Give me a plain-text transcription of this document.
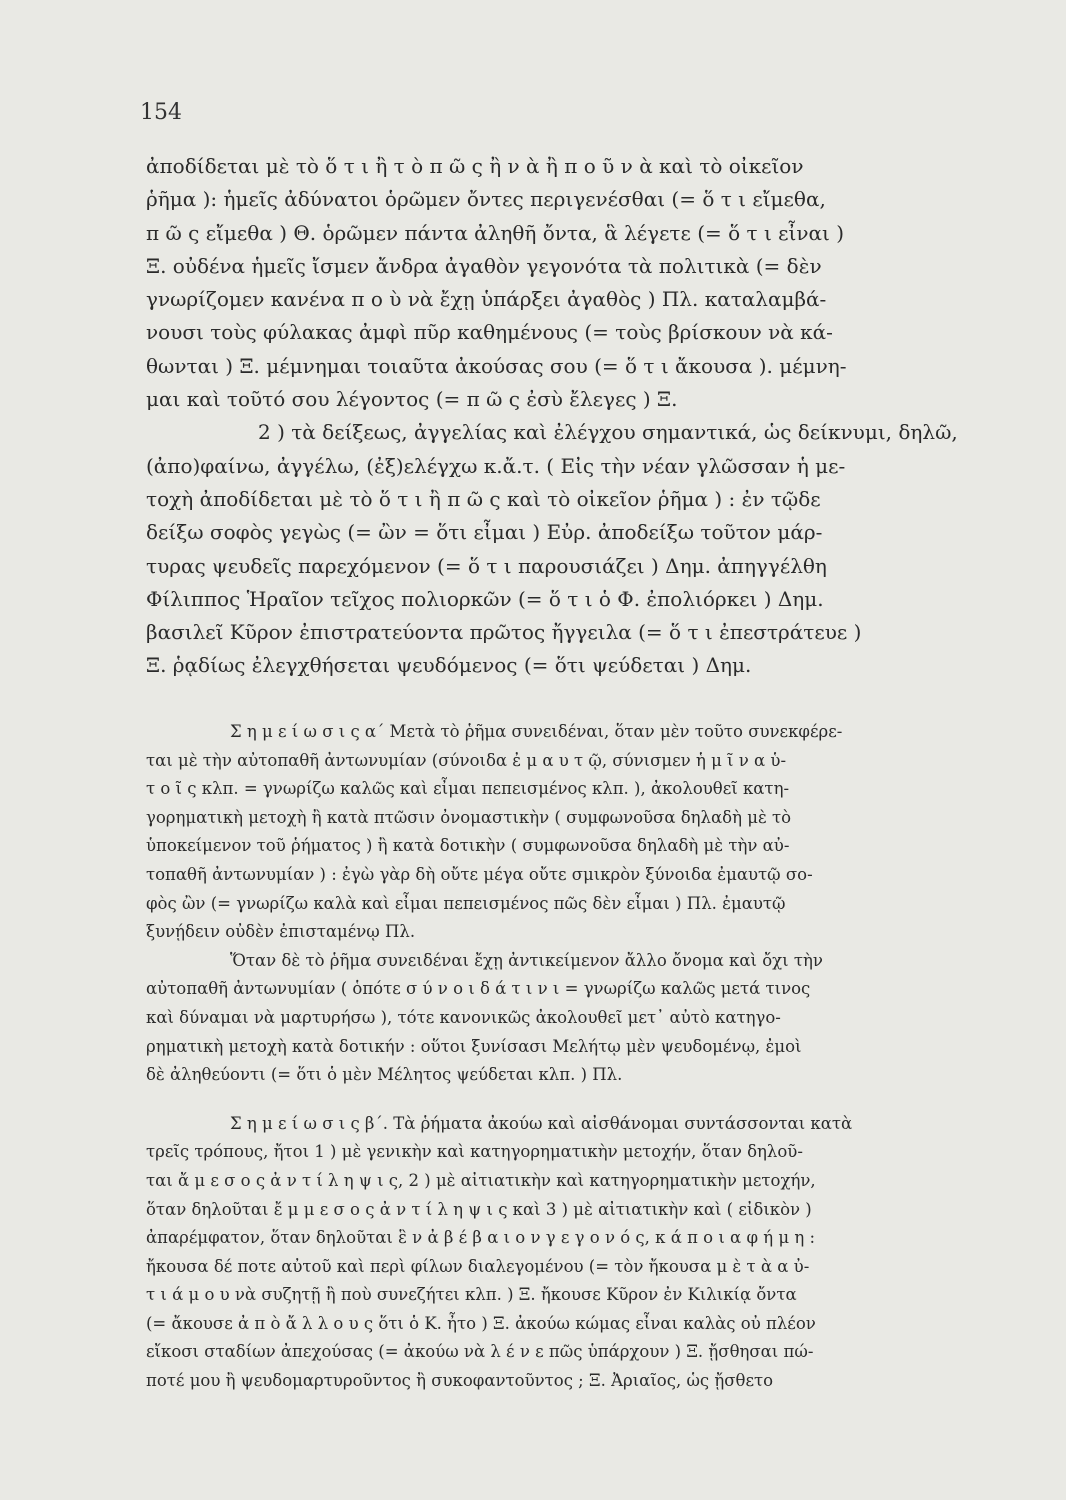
154
ἀποδίδεται μὲ τὸ ὅ τ ι ἢ τ ὸ π ῶ ς ἢ ν ὰ ἢ π ο ῦ ν ὰ καὶ τὸ οἰκεῖον
ῥῆμα ): ἡμεῖς ἀδύνατοι ὁρῶμεν ὄντες περιγενέσθαι (= ὅ τ ι εἴμεθα,
π ῶ ς εἴμεθα ) Θ. ὁρῶμεν πάντα ἀληθῆ ὄντα, ἃ λέγετε (= ὅ τ ι εἶναι )
Ξ. οὐδένα ἡμεῖς ἴσμεν ἄνδρα ἀγαθὸν γεγονότα τὰ πολιτικὰ (= δὲν
γνωρίζομεν κανένα π ο ὺ νὰ ἔχῃ ὑπάρξει ἀγαθὸς ) Πλ. καταλαμβά-
νουσι τοὺς φύλακας ἀμφὶ πῦρ καθημένους (= τοὺς βρίσκουν νὰ κά-
θωνται ) Ξ. μέμνημαι τοιαῦτα ἀκούσας σου (= ὅ τ ι ἄκουσα ). μέμνη-
μαι καὶ τοῦτό σου λέγοντος (= π ῶ ς ἐσὺ ἔλεγες ) Ξ.
2 ) τὰ δείξεως, ἀγγελίας καὶ ἐλέγχου σημαντικά, ὡς δείκνυμι, δηλῶ,
(ἀπο)φαίνω, ἀγγέλω, (ἐξ)ελέγχω κ.ἄ.τ. ( Εἰς τὴν νέαν γλῶσσαν ἡ με-
τοχὴ ἀποδίδεται μὲ τὸ ὅ τ ι ἢ π ῶ ς καὶ τὸ οἰκεῖον ῥῆμα ) : ἐν τῷδε
δείξω σοφὸς γεγὼς (= ὢν = ὅτι εἶμαι ) Εὐρ. ἀποδείξω τοῦτον μάρ-
τυρας ψευδεῖς παρεχόμενον (= ὅ τ ι παρουσιάζει ) Δημ. ἀπηγγέλθη
Φίλιππος Ἡραῖον τεῖχος πολιορκῶν (= ὅ τ ι ὁ Φ. ἐπολιόρκει ) Δημ.
βασιλεῖ Κῦρον ἐπιστρατεύοντα πρῶτος ἤγγειλα (= ὅ τ ι ἐπεστράτευε )
Ξ. ῥᾳδίως ἐλεγχθήσεται ψευδόμενος (= ὅτι ψεύδεται ) Δημ.
Σ η μ ε ί ω σ ι ς α΄ Μετὰ τὸ ῥῆμα συνειδέναι, ὅταν μὲν τοῦτο συνεκφέρε-
ται μὲ τὴν αὐτοπαθῆ ἀντωνυμίαν (σύνοιδα ἐ μ α υ τ ῷ, σύνισμεν ἡ μ ῖ ν α ὑ-
τ ο ῖ ς κλπ. = γνωρίζω καλῶς καὶ εἶμαι πεπεισμένος κλπ. ), ἀκολουθεῖ κατη-
γορηματικὴ μετοχὴ ἢ κατὰ πτῶσιν ὀνομαστικὴν ( συμφωνοῦσα δηλαδὴ μὲ τὸ
ὑποκείμενον τοῦ ῥήματος ) ἢ κατὰ δοτικὴν ( συμφωνοῦσα δηλαδὴ μὲ τὴν αὐ-
τοπαθῆ ἀντωνυμίαν ) : ἐγὼ γὰρ δὴ οὔτε μέγα οὔτε σμικρὸν ξύνοιδα ἐμαυτῷ σο-
φὸς ὢν (= γνωρίζω καλὰ καὶ εἶμαι πεπεισμένος πῶς δὲν εἶμαι ) Πλ. ἐμαυτῷ
ξυνῄδειν οὐδὲν ἐπισταμένῳ Πλ.
Ὅταν δὲ τὸ ῥῆμα συνειδέναι ἔχῃ ἀντικείμενον ἄλλο ὄνομα καὶ ὄχι τὴν
αὐτοπαθῆ ἀντωνυμίαν ( ὁπότε σ ύ ν ο ι δ ά τ ι ν ι = γνωρίζω καλῶς μετά τινος
καὶ δύναμαι νὰ μαρτυρήσω ), τότε κανονικῶς ἀκολουθεῖ μετ᾽ αὐτὸ κατηγο-
ρηματικὴ μετοχὴ κατὰ δοτικήν : οὕτοι ξυνίσασι Μελήτῳ μὲν ψευδομένῳ, ἐμοὶ
δὲ ἀληθεύοντι (= ὅτι ὁ μὲν Μέλητος ψεύδεται κλπ. ) Πλ.
Σ η μ ε ί ω σ ι ς β΄. Τὰ ῥήματα ἀκούω καὶ αἰσθάνομαι συντάσσονται κατὰ
τρεῖς τρόπους, ἤτοι 1 ) μὲ γενικὴν καὶ κατηγορηματικὴν μετοχήν, ὅταν δηλοῦ-
ται ἄ μ ε σ ο ς ἀ ν τ ί λ η ψ ι ς, 2 ) μὲ αἰτιατικὴν καὶ κατηγορηματικὴν μετοχήν,
ὅταν δηλοῦται ἔ μ μ ε σ ο ς ἀ ν τ ί λ η ψ ι ς καὶ 3 ) μὲ αἰτιατικὴν καὶ ( εἰδικὸν )
ἀπαρέμφατον, ὅταν δηλοῦται ἓ ν ἀ β έ β α ι ο ν γ ε γ ο ν ό ς, κ ά π ο ι α φ ή μ η :
ἤκουσα δέ ποτε αὐτοῦ καὶ περὶ φίλων διαλεγομένου (= τὸν ἤκουσα μ ὲ τ ὰ α ὐ-
τ ι ά μ ο υ νὰ συζητῇ ἢ ποὺ συνεζήτει κλπ. ) Ξ. ἤκουσε Κῦρον ἐν Κιλικίᾳ ὄντα
(= ἄκουσε ἀ π ὸ ἄ λ λ ο υ ς ὅτι ὁ Κ. ἦτο ) Ξ. ἀκούω κώμας εἶναι καλὰς οὐ πλέον
εἴκοσι σταδίων ἀπεχούσας (= ἀκούω νὰ λ έ ν ε πῶς ὑπάρχουν ) Ξ. ᾔσθησαι πώ-
ποτέ μου ἢ ψευδομαρτυροῦντος ἢ συκοφαντοῦντος ; Ξ. Ἀριαῖος, ὡς ᾔσθετο
